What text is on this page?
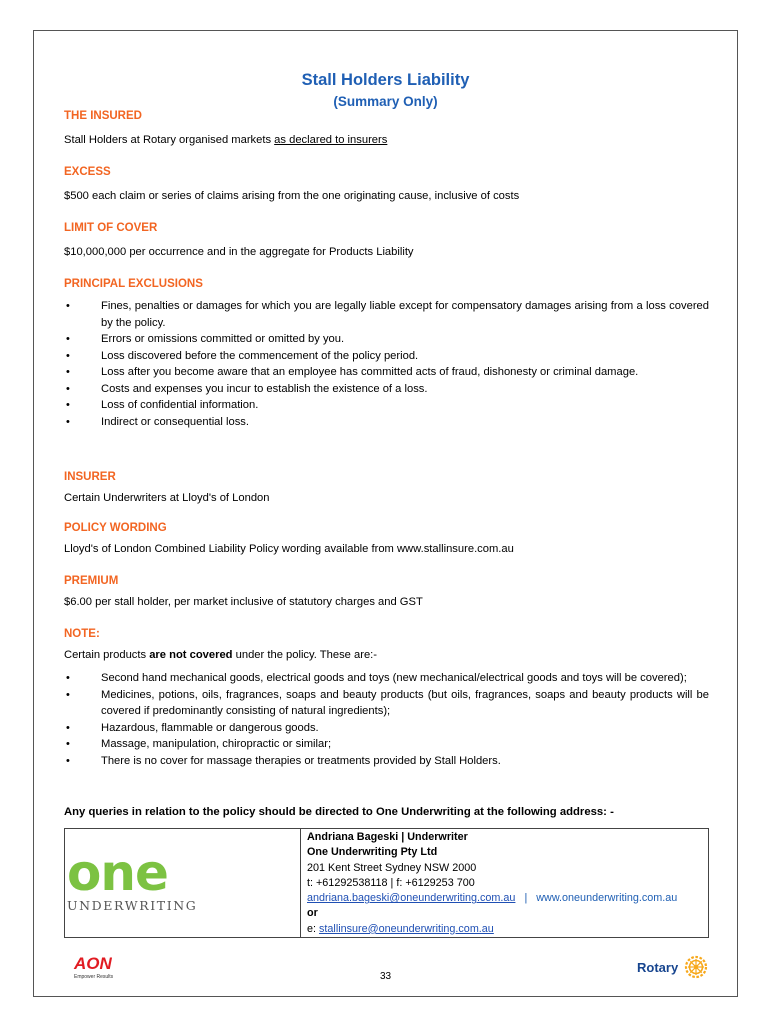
Stall Holders Liability
(Summary Only)

THE INSURED

Stall Holders at Rotary organised markets as declared to insurers

EXCESS

$500 each claim or series of claims arising from the one originating cause, inclusive of costs

LIMIT OF COVER

$10,000,000 per occurrence and in the aggregate for Products Liability

PRINCIPAL EXCLUSIONS

• Fines, penalties or damages for which you are legally liable except for compensatory damages arising from a loss covered by the policy.
• Errors or omissions committed or omitted by you.
• Loss discovered before the commencement of the policy period.
• Loss after you become aware that an employee has committed acts of fraud, dishonesty or criminal damage.
• Costs and expenses you incur to establish the existence of a loss.
• Loss of confidential information.
• Indirect or consequential loss.

INSURER

Certain Underwriters at Lloyd's of London

POLICY WORDING

Lloyd's of London Combined Liability Policy wording available from www.stallinsure.com.au

PREMIUM

$6.00 per stall holder, per market inclusive of statutory charges and GST

NOTE:

Certain products are not covered under the policy. These are:-

• Second hand mechanical goods, electrical goods and toys (new mechanical/electrical goods and toys will be covered);
• Medicines, potions, oils, fragrances, soaps and beauty products (but oils, fragrances, soaps and beauty products will be covered if predominantly consisting of natural ingredients);
• Hazardous, flammable or dangerous goods.
• Massage, manipulation, chiropractic or similar;
• There is no cover for massage therapies or treatments provided by Stall Holders.
Any queries in relation to the policy should be directed to One Underwriting at the following address: -
one
UNDERWRITING
Andriana Bageski | Underwriter
One Underwriting Pty Ltd
201 Kent Street Sydney NSW 2000
t: +61292538118 | f: +6129253 700
andriana.bageski@oneunderwriting.com.au | www.oneunderwriting.com.au
or
e: stallinsure@oneunderwriting.com.au
AON
Empower Results	33
Rotary
